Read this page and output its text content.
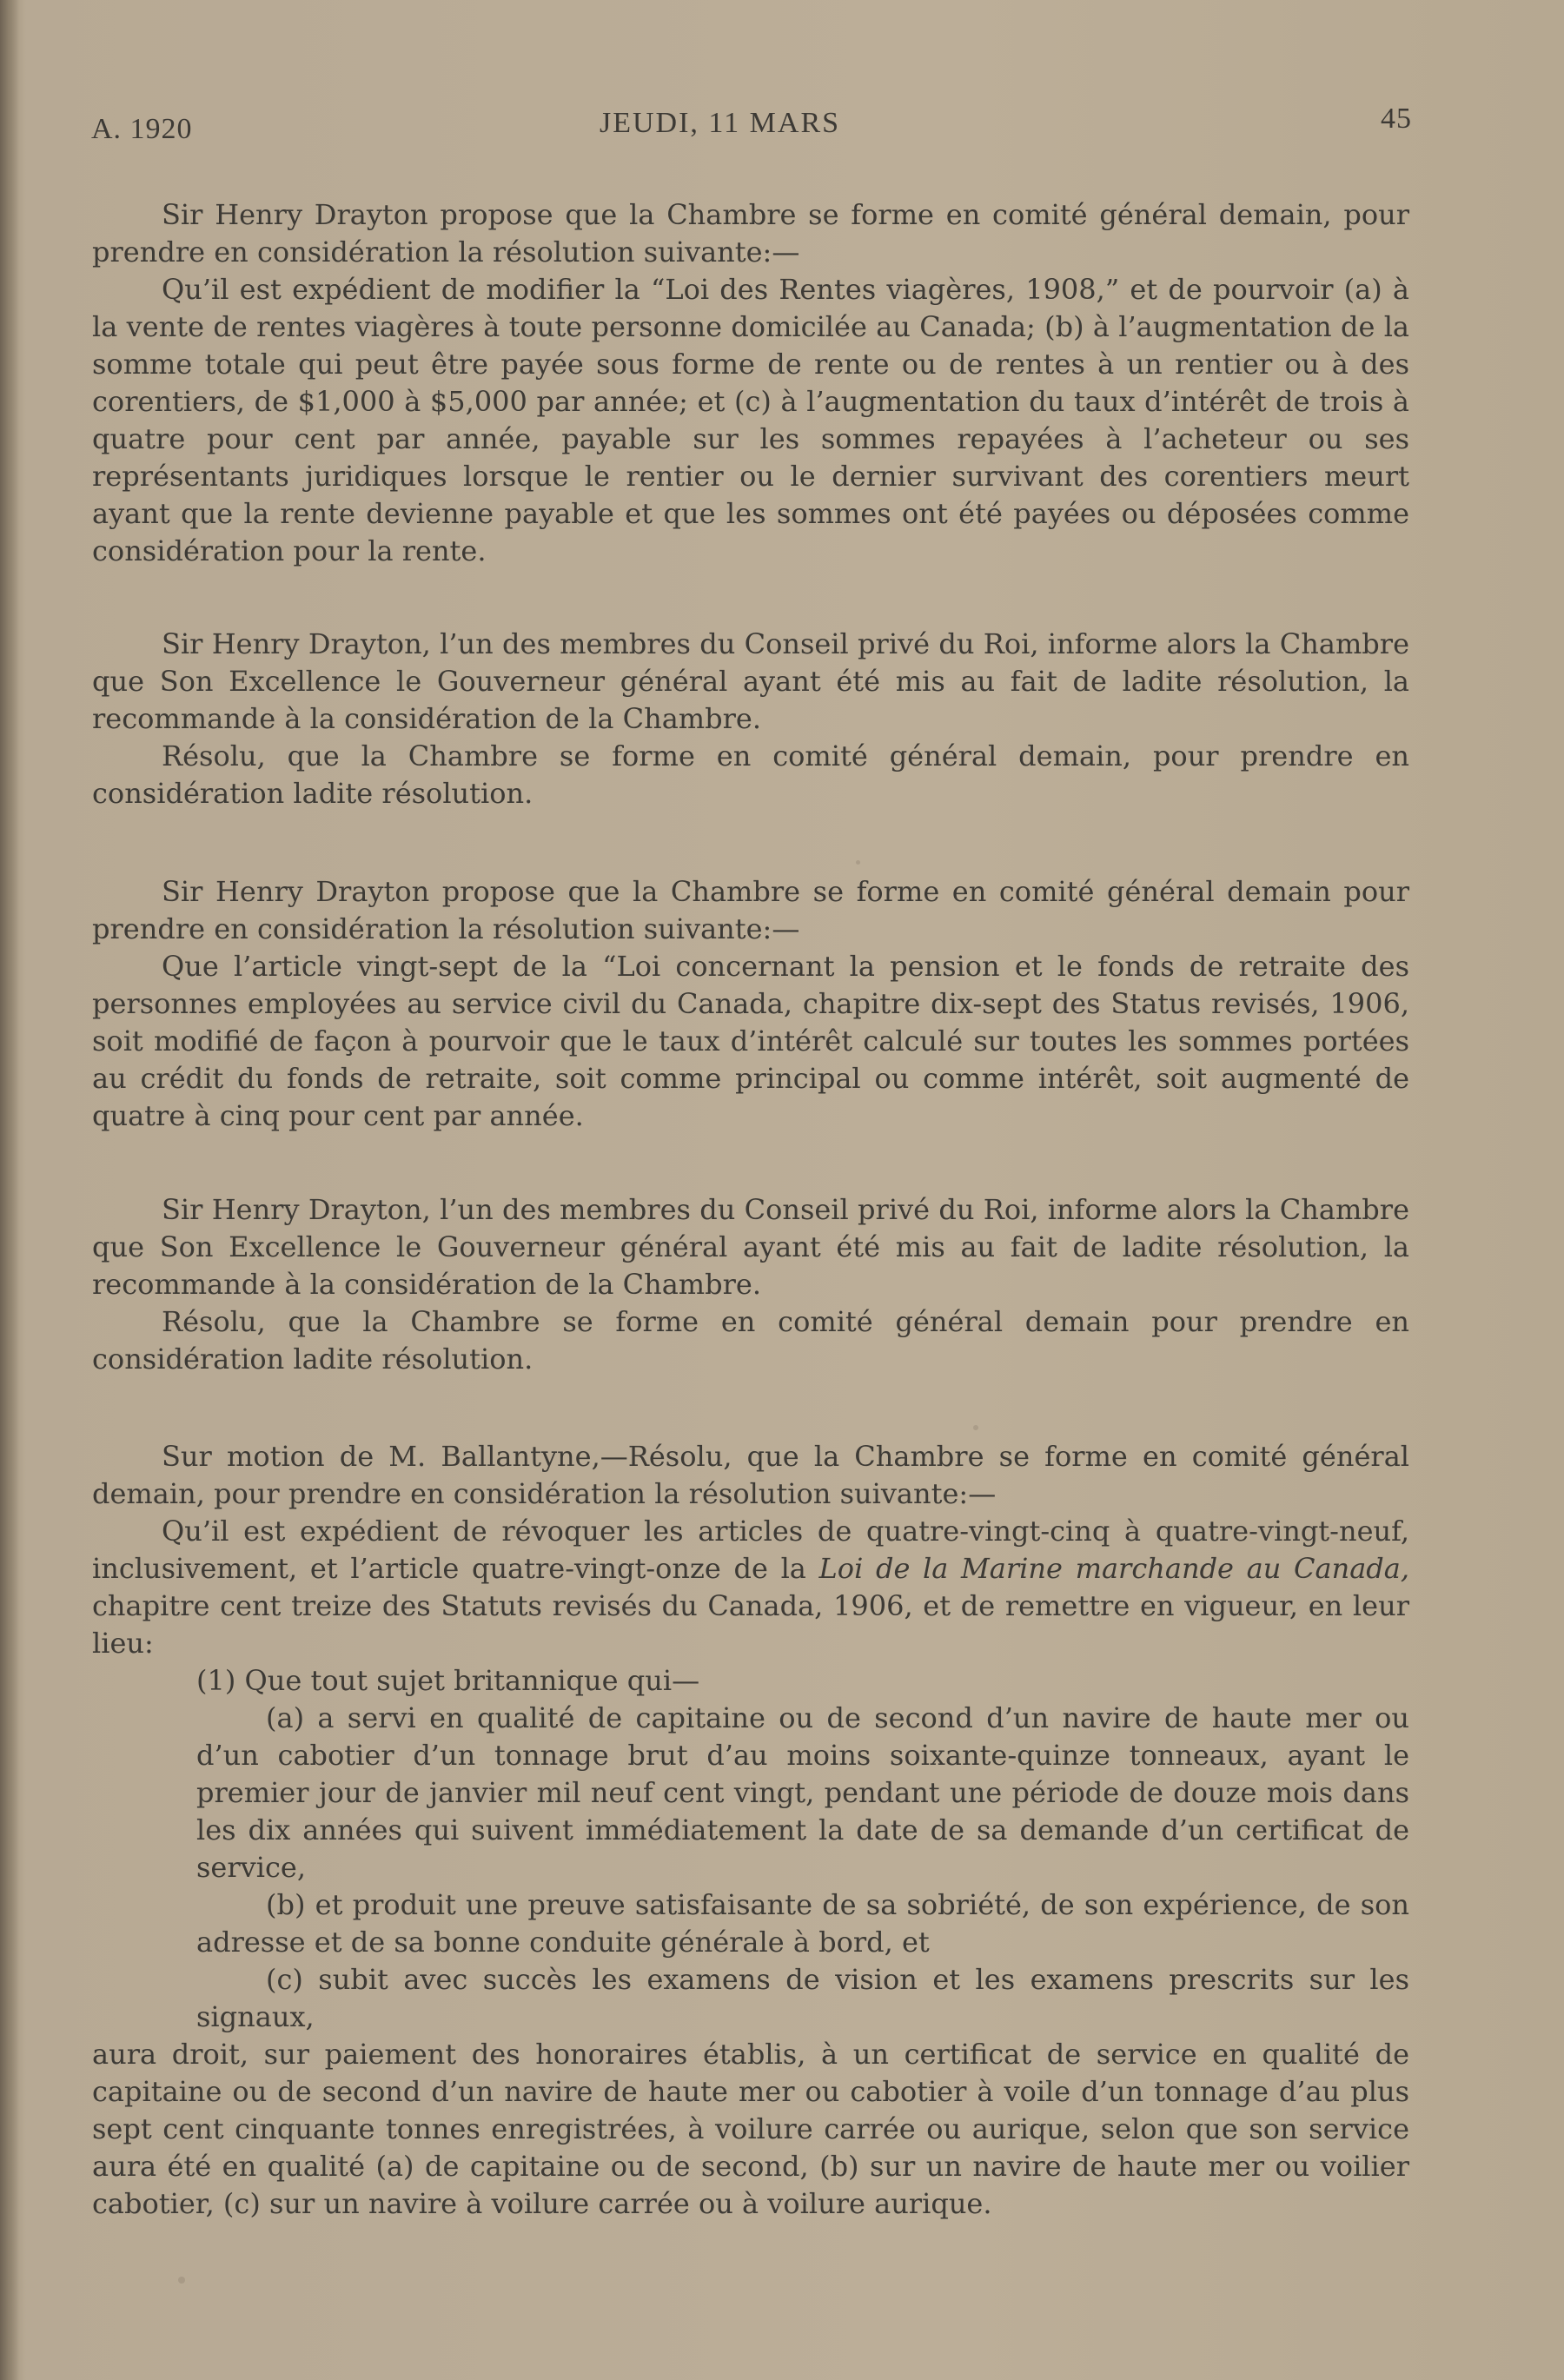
A. 1920	JEUDI, 11 MARS	45

Sir Henry Drayton propose que la Chambre se forme en comité général demain, pour prendre en considération la résolution suivante:—

Qu’il est expédient de modifier la “Loi des Rentes viagères, 1908,” et de pourvoir (a) à la vente de rentes viagères à toute personne domicilée au Canada; (b) à l’augmentation de la somme totale qui peut être payée sous forme de rente ou de rentes à un rentier ou à des corentiers, de $1,000 à $5,000 par année; et (c) à l’augmentation du taux d’intérêt de trois à quatre pour cent par année, payable sur les sommes repayées à l’acheteur ou ses représentants juridiques lorsque le rentier ou le dernier survivant des corentiers meurt ayant que la rente devienne payable et que les sommes ont été payées ou déposées comme considération pour la rente.

Sir Henry Drayton, l’un des membres du Conseil privé du Roi, informe alors la Chambre que Son Excellence le Gouverneur général ayant été mis au fait de ladite résolution, la recommande à la considération de la Chambre.

Résolu, que la Chambre se forme en comité général demain, pour prendre en considération ladite résolution.

Sir Henry Drayton propose que la Chambre se forme en comité général demain pour prendre en considération la résolution suivante:—

Que l’article vingt-sept de la “Loi concernant la pension et le fonds de retraite des personnes employées au service civil du Canada, chapitre dix-sept des Status revisés, 1906, soit modifié de façon à pourvoir que le taux d’intérêt calculé sur toutes les sommes portées au crédit du fonds de retraite, soit comme principal ou comme intérêt, soit augmenté de quatre à cinq pour cent par année.

Sir Henry Drayton, l’un des membres du Conseil privé du Roi, informe alors la Chambre que Son Excellence le Gouverneur général ayant été mis au fait de ladite résolution, la recommande à la considération de la Chambre.

Résolu, que la Chambre se forme en comité général demain pour prendre en considération ladite résolution.

Sur motion de M. Ballantyne,—Résolu, que la Chambre se forme en comité général demain, pour prendre en considération la résolution suivante:—

Qu’il est expédient de révoquer les articles de quatre-vingt-cinq à quatre-vingt-neuf, inclusivement, et l’article quatre-vingt-onze de la Loi de la Marine marchande au Canada, chapitre cent treize des Statuts revisés du Canada, 1906, et de remettre en vigueur, en leur lieu:

(1) Que tout sujet britannique qui—

(a) a servi en qualité de capitaine ou de second d’un navire de haute mer ou d’un cabotier d’un tonnage brut d’au moins soixante-quinze tonneaux, ayant le premier jour de janvier mil neuf cent vingt, pendant une période de douze mois dans les dix années qui suivent immédiatement la date de sa demande d’un certificat de service,

(b) et produit une preuve satisfaisante de sa sobriété, de son expérience, de son adresse et de sa bonne conduite générale à bord, et

(c) subit avec succès les examens de vision et les examens prescrits sur les signaux,

aura droit, sur paiement des honoraires établis, à un certificat de service en qualité de capitaine ou de second d’un navire de haute mer ou cabotier à voile d’un tonnage d’au plus sept cent cinquante tonnes enregistrées, à voilure carrée ou aurique, selon que son service aura été en qualité (a) de capitaine ou de second, (b) sur un navire de haute mer ou voilier cabotier, (c) sur un navire à voilure carrée ou à voilure aurique.
